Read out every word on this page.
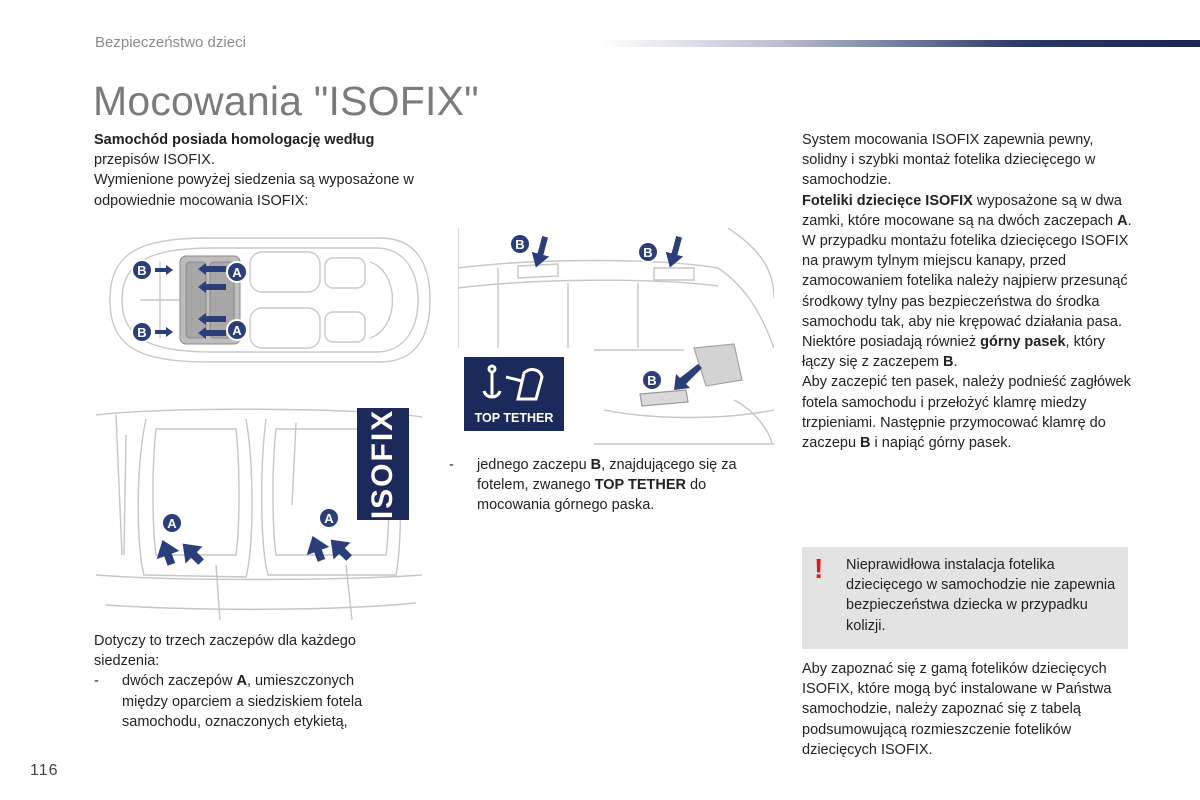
Bezpieczeństwo dzieci
Mocowania "ISOFIX"

Samochód posiada homologację według
przepisów ISOFIX.

Wymienione powyżej siedzenia są wyposażone w odpowiednie mocowania ISOFIX:

B
B
A
A
A	A ISOFIX
B
B
TOP TETHER
B
-	jednego zaczepu B, znajdującego się za fotelem, zwanego TOP TETHER do mocowania górnego paska.

Dotyczy to trzech zaczepów dla każdego siedzenia:

-	dwóch zaczepów A, umieszczonych między oparciem a siedziskiem fotela samochodu, oznaczonych etykietą,

System mocowania ISOFIX zapewnia pewny, solidny i szybki montaż fotelika dziecięcego w samochodzie.

Foteliki dziecięce ISOFIX wyposażone są w dwa zamki, które mocowane są na dwóch zaczepach A.

W przypadku montażu fotelika dziecięcego ISOFIX na prawym tylnym miejscu kanapy, przed zamocowaniem fotelika należy najpierw przesunąć środkowy tylny pas bezpieczeństwa do środka samochodu tak, aby nie krępować działania pasa.

Niektóre posiadają również górny pasek, który łączy się z zaczepem B.

Aby zaczepić ten pasek, należy podnieść zagłówek fotela samochodu i przełożyć klamrę miedzy trzpieniami. Następnie przymocować klamrę do zaczepu B i napiąć górny pasek.

! Nieprawidłowa instalacja fotelika dziecięcego w samochodzie nie zapewnia bezpieczeństwa dziecka w przypadku kolizji.
Aby zapoznać się z gamą fotelików dziecięcych ISOFIX, które mogą być instalowane w Państwa samochodzie, należy zapoznać się z tabelą podsumowującą rozmieszczenie fotelików dziecięcych ISOFIX.
116
